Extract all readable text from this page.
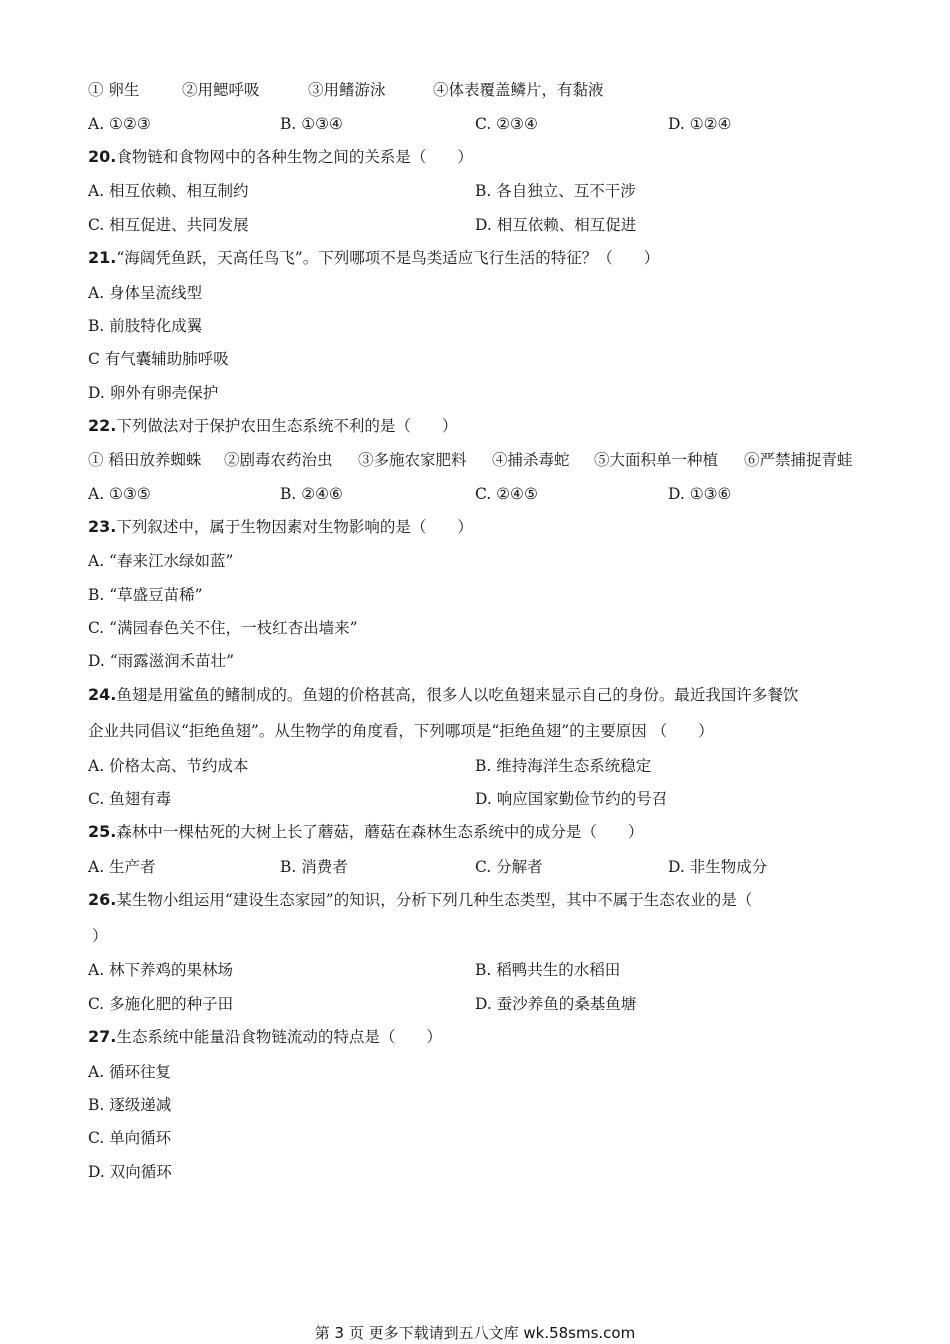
① 卵生	②用鳃呼吸	③用鳍游泳	④体表覆盖鳞片，有黏液
A. ①②③	B. ①③④	C. ②③④	D. ①②④
20.食物链和食物网中的各种生物之间的关系是（　　）
A. 相互依赖、相互制约	B. 各自独立、互不干涉
C. 相互促进、共同发展	D. 相互依赖、相互促进
21.“海阔凭鱼跃，天高任鸟飞”。下列哪项不是鸟类适应飞行生活的特征？（　　）
A. 身体呈流线型
B. 前肢特化成翼
C 有气囊辅助肺呼吸
D. 卵外有卵壳保护
22.下列做法对于保护农田生态系统不利的是（　　）
① 稻田放养蜘蛛 ②剧毒农药治虫 ③多施农家肥料 ④捕杀毒蛇 ⑤大面积单一种植 ⑥严禁捕捉青蛙
A. ①③⑤	B. ②④⑥	C. ②④⑤	D. ①③⑥
23.下列叙述中，属于生物因素对生物影响的是（　　）
A. “春来江水绿如蓝”
B. “草盛豆苗稀”
C. “满园春色关不住，一枝红杏出墙来”
D. “雨露滋润禾苗壮”
24.鱼翅是用鲨鱼的鳍制成的。鱼翅的价格甚高，很多人以吃鱼翅来显示自己的身份。最近我国许多餐饮
企业共同倡议“拒绝鱼翅”。从生物学的角度看，下列哪项是“拒绝鱼翅”的主要原因 （　　）
A. 价格太高、节约成本	B. 维持海洋生态系统稳定
C. 鱼翅有毒	D. 响应国家勤俭节约的号召
25.森林中一棵枯死的大树上长了蘑菇，蘑菇在森林生态系统中的成分是（　　）
A. 生产者	B. 消费者	C. 分解者	D. 非生物成分
26.某生物小组运用“建设生态家园”的知识，分析下列几种生态类型，其中不属于生态农业的是（
）
A. 林下养鸡的果林场	B. 稻鸭共生的水稻田
C. 多施化肥的种子田	D. 蚕沙养鱼的桑基鱼塘
27.生态系统中能量沿食物链流动的特点是（　　）
A. 循环往复
B. 逐级递减
C. 单向循环
D. 双向循环
第 3 页 更多下载请到五八文库 wk.58sms.com
